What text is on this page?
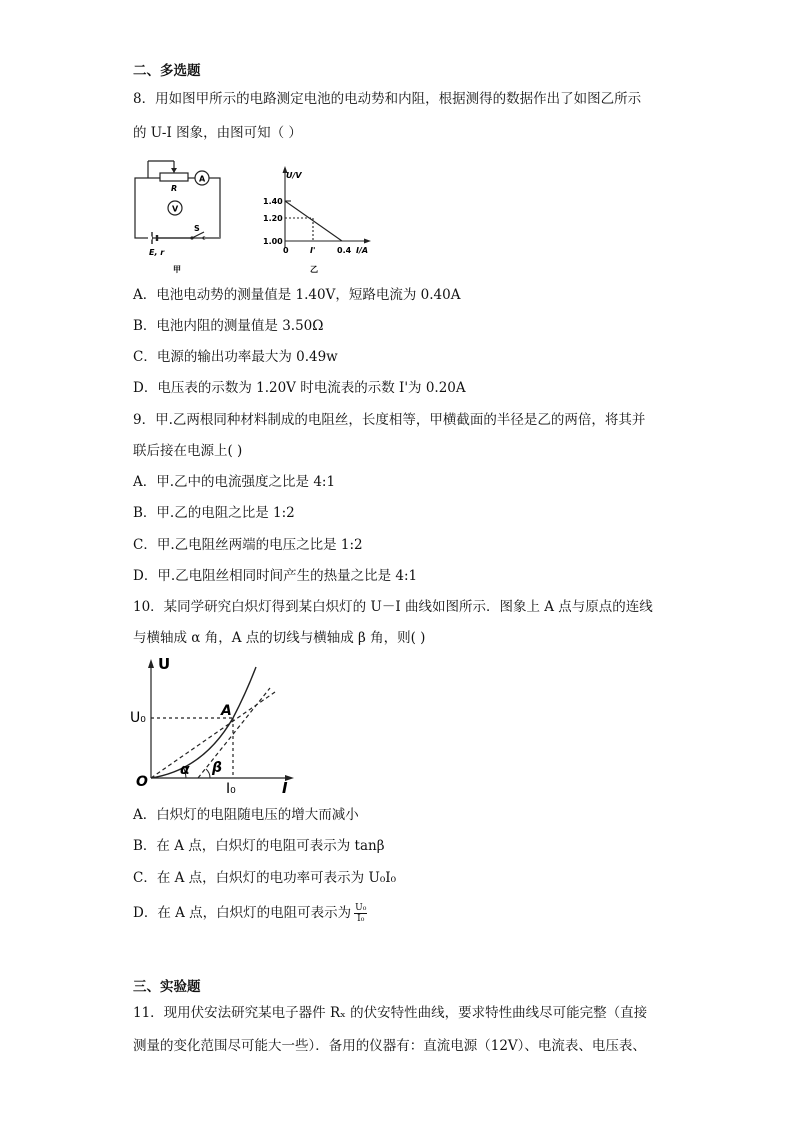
二、多选题
8．用如图甲所示的电路测定电池的电动势和内阻，根据测得的数据作出了如图乙所示
的 U-I 图象，由图可知（ ）
A
V
R
S
E, r
甲
U/V
I/A
1.40
1.20
1.00
0	I'	0.4
乙
A．电池电动势的测量值是 1.40V，短路电流为 0.40A
B．电池内阻的测量值是 3.50Ω
C．电源的输出功率最大为 0.49w
D．电压表的示数为 1.20V 时电流表的示数 I'为 0.20A
9．甲.乙两根同种材料制成的电阻丝，长度相等，甲横截面的半径是乙的两倍，将其并
联后接在电源上( )
A．甲.乙中的电流强度之比是 4:1
B．甲.乙的电阻之比是 1:2
C．甲.乙电阻丝两端的电压之比是 1:2
D．甲.乙电阻丝相同时间产生的热量之比是 4:1
10．某同学研究白炽灯得到某白炽灯的 U－I 曲线如图所示．图象上 A 点与原点的连线
与横轴成 α 角，A 点的切线与横轴成 β 角，则( )
U
I
O
A
U₀
I₀
α β
A．白炽灯的电阻随电压的增大而减小
B．在 A 点，白炽灯的电阻可表示为 tanβ
C．在 A 点，白炽灯的电功率可表示为 U₀I₀
D．在 A 点，白炽灯的电阻可表示为 $\frac{\text{U₀}}{\text{I₀}}$
三、实验题
11．现用伏安法研究某电子器件 Rₓ 的伏安特性曲线，要求特性曲线尽可能完整（直接
测量的变化范围尽可能大一些）．备用的仪器有：直流电源（12V）、电流表、电压表、
